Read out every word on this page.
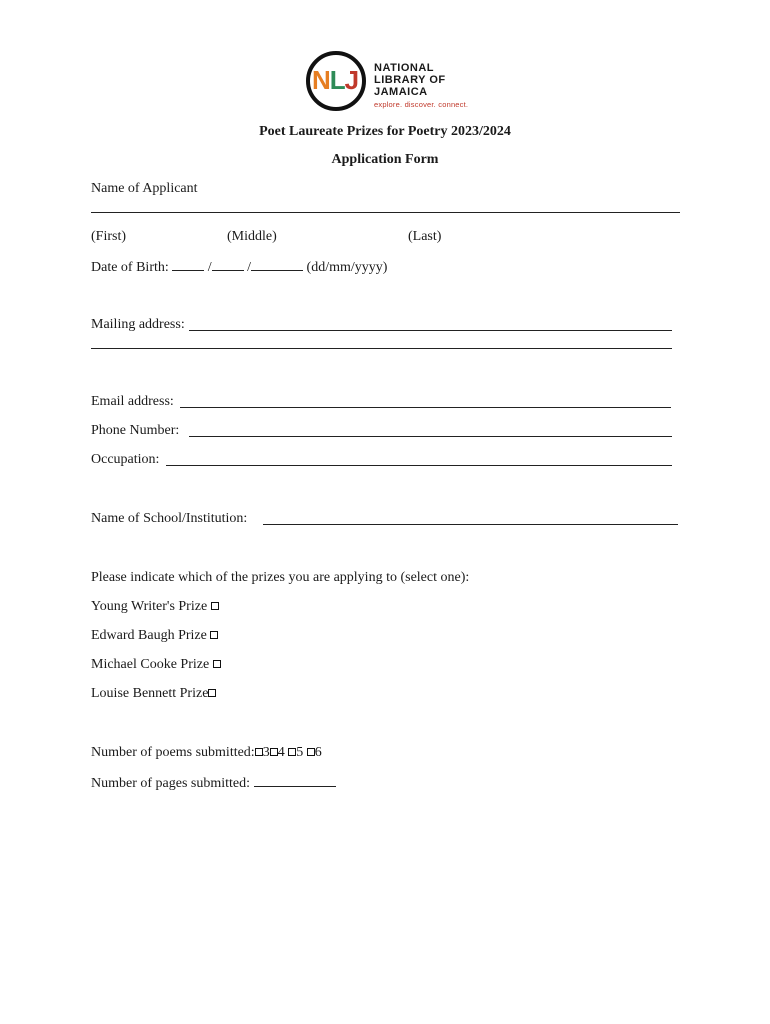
NLJ NATIONAL
LIBRARY OF
JAMAICA
explore. discover. connect.
Poet Laureate Prizes for Poetry 2023/2024
Application Form
Name of Applicant
(First)	(Middle)	(Last)
Date of Birth:	/	/	(dd/mm/yyyy)
Mailing address:
Email address:
Phone Number:
Occupation:
Name of School/Institution:
Please indicate which of the prizes you are applying to (select one):
Young Writer's Prize
Edward Baugh Prize
Michael Cooke Prize
Louise Bennett Prize
Number of poems submitted: 3 4 5 6
Number of pages submitted:
